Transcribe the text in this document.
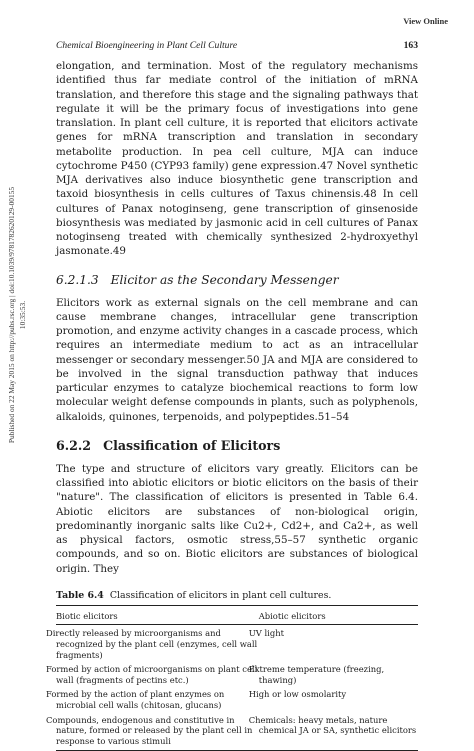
View Online
Published on 22 May 2015 on http://pubs.rsc.org | doi:10.1039/9781782620129-00155 10:35:53.
Chemical Bioengineering in Plant Cell Culture	163

elongation, and termination. Most of the regulatory mechanisms identified thus far mediate control of the initiation of mRNA translation, and therefore this stage and the signaling pathways that regulate it will be the primary focus of investigations into gene translation. In plant cell culture, it is reported that elicitors activate genes for mRNA transcription and translation in secondary metabolite production. In pea cell culture, MJA can induce cytochrome P450 (CYP93 family) gene expression.47 Novel synthetic MJA derivatives also induce biosynthetic gene transcription and taxoid biosynthesis in cells cultures of Taxus chinensis.48 In cell cultures of Panax notoginseng, gene transcription of ginsenoside biosynthesis was mediated by jasmonic acid in cell cultures of Panax notoginseng treated with chemically synthesized 2-hydroxyethyl jasmonate.49

6.2.1.3 Elicitor as the Secondary Messenger

Elicitors work as external signals on the cell membrane and can cause membrane changes, intracellular gene transcription promotion, and enzyme activity changes in a cascade process, which requires an intermediate medium to act as an intracellular messenger or secondary messenger.50 JA and MJA are considered to be involved in the signal transduction pathway that induces particular enzymes to catalyze biochemical reactions to form low molecular weight defense compounds in plants, such as polyphenols, alkaloids, quinones, terpenoids, and polypeptides.51–54

6.2.2 Classification of Elicitors

The type and structure of elicitors vary greatly. Elicitors can be classified into abiotic elicitors or biotic elicitors on the basis of their "nature". The classification of elicitors is presented in Table 6.4. Abiotic elicitors are substances of non-biological origin, predominantly inorganic salts like Cu2+, Cd2+, and Ca2+, as well as physical factors, osmotic stress,55–57 synthetic organic compounds, and so on. Biotic elicitors are substances of biological origin. They

Table 6.4 Classification of elicitors in plant cell cultures.
Biotic elicitors	Abiotic elicitors
Directly released by microorganisms and recognized by the plant cell (enzymes, cell wall fragments)	UV light
Formed by action of microorganisms on plant cell wall (fragments of pectins etc.)	Extreme temperature (freezing, thawing)
Formed by the action of plant enzymes on microbial cell walls (chitosan, glucans)	High or low osmolarity
Compounds, endogenous and constitutive in nature, formed or released by the plant cell in response to various stimuli	Chemicals: heavy metals, nature chemical JA or SA, synthetic elicitors
